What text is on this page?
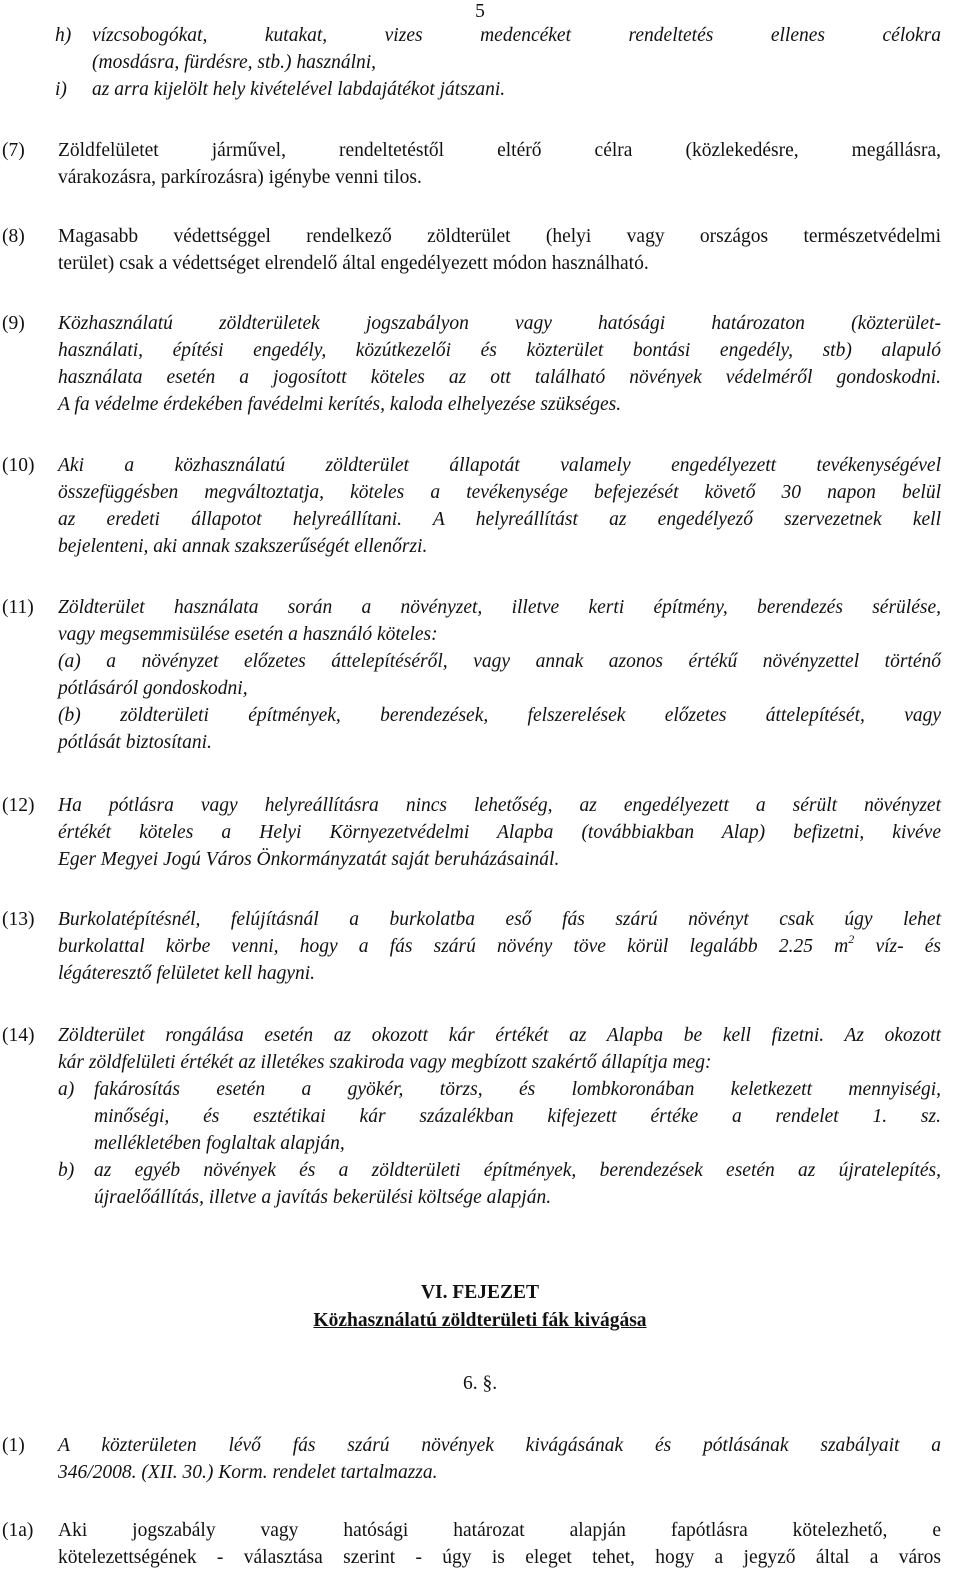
5
h) vízcsobogókat, kutakat, vizes medencéket rendeltetés ellenes célokra
(mosdásra, fürdésre, stb.) használni,
i) az arra kijelölt hely kivételével labdajátékot játszani.
(7) Zöldfelületet járművel, rendeltetéstől eltérő célra (közlekedésre, megállásra,
várakozásra, parkírozásra) igénybe venni tilos.
(8) Magasabb védettséggel rendelkező zöldterület (helyi vagy országos természetvédelmi
terület) csak a védettséget elrendelő által engedélyezett módon használható.
(9) Közhasználatú zöldterületek jogszabályon vagy hatósági határozaton (közterület-
használati, építési engedély, közútkezelői és közterület bontási engedély, stb) alapuló
használata esetén a jogosított köteles az ott található növények védelméről gondoskodni.
A fa védelme érdekében favédelmi kerítés, kaloda elhelyezése szükséges.
(10) Aki a közhasználatú zöldterület állapotát valamely engedélyezett tevékenységével
összefüggésben megváltoztatja, köteles a tevékenysége befejezését követő 30 napon belül
az eredeti állapotot helyreállítani. A helyreállítást az engedélyező szervezetnek kell
bejelenteni, aki annak szakszerűségét ellenőrzi.
(11) Zöldterület használata során a növényzet, illetve kerti építmény, berendezés sérülése,
vagy megsemmisülése esetén a használó köteles:
(a) a növényzet előzetes áttelepítéséről, vagy annak azonos értékű növényzettel történő
pótlásáról gondoskodni,
(b) zöldterületi építmények, berendezések, felszerelések előzetes áttelepítését, vagy
pótlását biztosítani.
(12) Ha pótlásra vagy helyreállításra nincs lehetőség, az engedélyezett a sérült növényzet
értékét köteles a Helyi Környezetvédelmi Alapba (továbbiakban Alap) befizetni, kivéve
Eger Megyei Jogú Város Önkormányzatát saját beruházásainál.
(13) Burkolatépítésnél, felújításnál a burkolatba eső fás szárú növényt csak úgy lehet
burkolattal körbe venni, hogy a fás szárú növény töve körül legalább 2.25 $m^2$ víz- és
légáteresztő felületet kell hagyni.
(14) Zöldterület rongálása esetén az okozott kár értékét az Alapba be kell fizetni. Az okozott
kár zöldfelületi értékét az illetékes szakiroda vagy megbízott szakértő állapítja meg:
a) fakárosítás esetén a gyökér, törzs, és lombkoronában keletkezett mennyiségi,
minőségi, és esztétikai kár százalékban kifejezett értéke a rendelet 1. sz.
mellékletében foglaltak alapján,
b) az egyéb növények és a zöldterületi építmények, berendezések esetén az újratelepítés,
újraelőállítás, illetve a javítás bekerülési költsége alapján.
VI. FEJEZET
Közhasználatú zöldterületi fák kivágása
6. §.
(1) A közterületen lévő fás szárú növények kivágásának és pótlásának szabályait a
346/2008. (XII. 30.) Korm. rendelet tartalmazza.
(1a) Aki jogszabály vagy hatósági határozat alapján fapótlásra kötelezhető, e
kötelezettségének - választása szerint - úgy is eleget tehet, hogy a jegyző által a város
